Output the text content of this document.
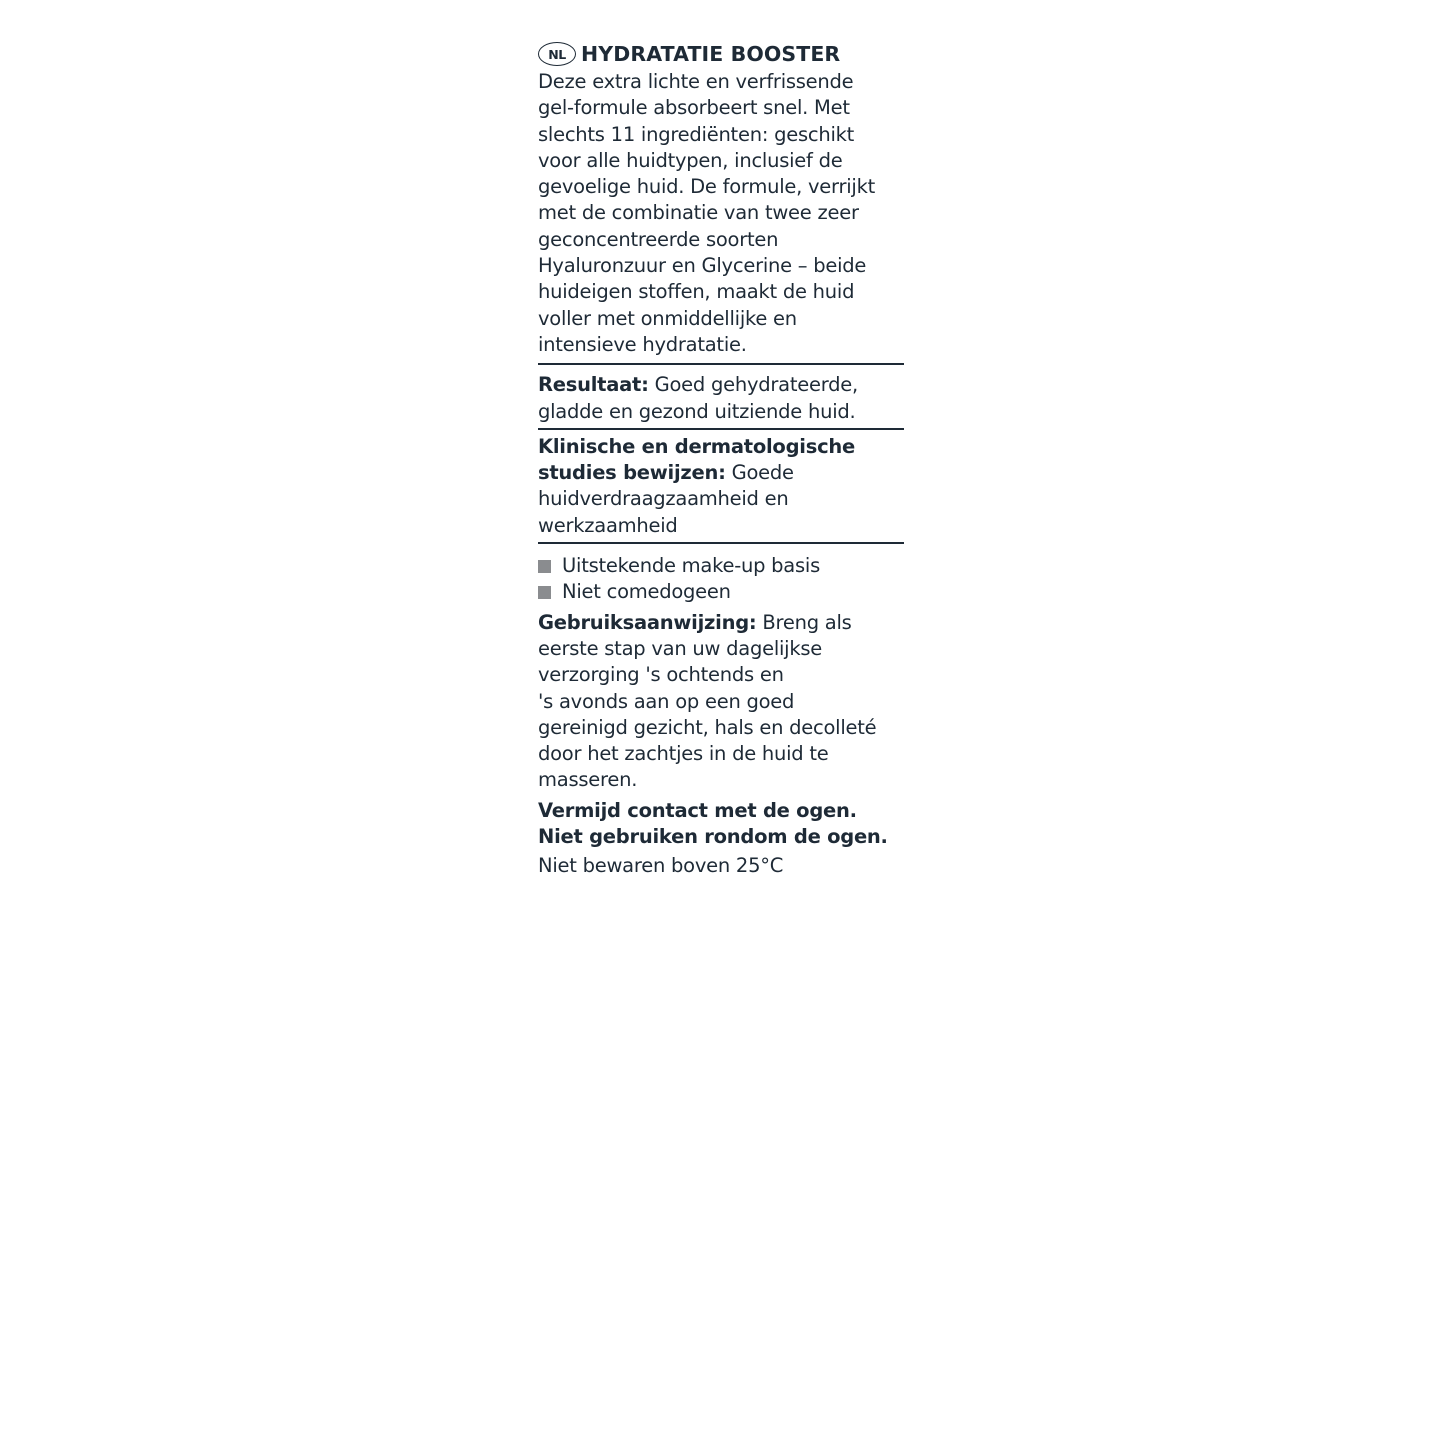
NL HYDRATATIE BOOSTER
Deze extra lichte en verfrissende
gel-formule absorbeert snel. Met
slechts 11 ingrediënten: geschikt
voor alle huidtypen, inclusief de
gevoelige huid. De formule, verrijkt
met de combinatie van twee zeer
geconcentreerde soorten
Hyaluronzuur en Glycerine – beide
huideigen stoffen, maakt de huid
voller met onmiddellijke en
intensieve hydratatie.
Resultaat: Goed gehydrateerde,
gladde en gezond uitziende huid.
Klinische en dermatologische
studies bewijzen: Goede
huidverdraagzaamheid en
werkzaamheid
Uitstekende make-up basis
Niet comedogeen
Gebruiksaanwijzing: Breng als
eerste stap van uw dagelijkse
verzorging 's ochtends en
's avonds aan op een goed
gereinigd gezicht, hals en decolleté
door het zachtjes in de huid te
masseren.
Vermijd contact met de ogen.
Niet gebruiken rondom de ogen.
Niet bewaren boven 25°C
